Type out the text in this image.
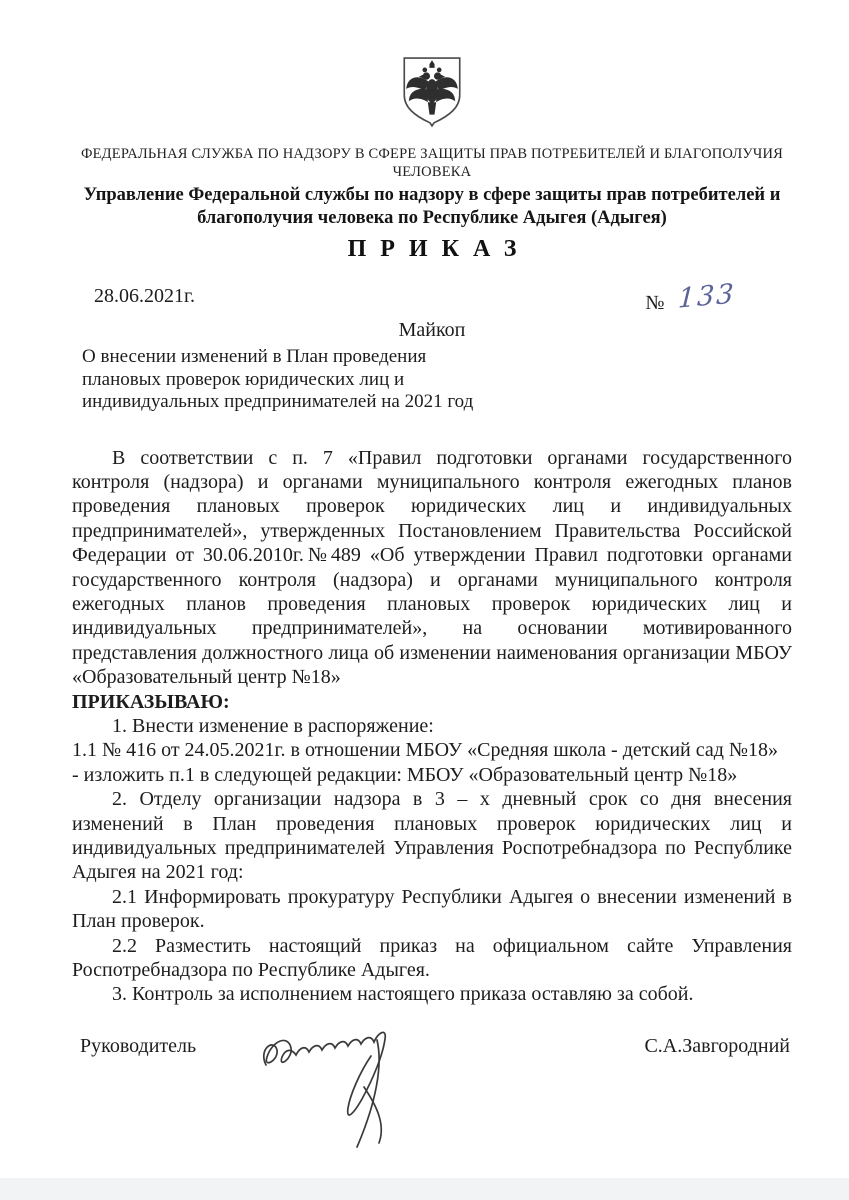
ФЕДЕРАЛЬНАЯ СЛУЖБА ПО НАДЗОРУ В СФЕРЕ ЗАЩИТЫ ПРАВ ПОТРЕБИТЕЛЕЙ И БЛАГОПОЛУЧИЯ
ЧЕЛОВЕКА
Управление Федеральной службы по надзору в сфере защиты прав потребителей и благополучия человека по Республике Адыгея (Адыгея)
ПРИКАЗ
28.06.2021г.	№ 133
Майкоп
О внесении изменений в План проведения
плановых проверок юридических лиц и
индивидуальных предпринимателей на 2021 год

В соответствии с п. 7 «Правил подготовки органами государственного контроля (надзора) и органами муниципального контроля ежегодных планов проведения плановых проверок юридических лиц и индивидуальных предпринимателей», утвержденных Постановлением Правительства Российской Федерации от 30.06.2010г.№489 «Об утверждении Правил подготовки органами государственного контроля (надзора) и органами муниципального контроля ежегодных планов проведения плановых проверок юридических лиц и индивидуальных предпринимателей», на основании мотивированного представления должностного лица об изменении наименования организации МБОУ «Образовательный центр №18»

ПРИКАЗЫВАЮ:

1. Внести изменение в распоряжение:

1.1 № 416 от 24.05.2021г. в отношении МБОУ «Средняя школа - детский сад №18»

- изложить п.1 в следующей редакции: МБОУ «Образовательный центр №18»

2. Отделу организации надзора в 3 – х дневный срок со дня внесения изменений в План проведения плановых проверок юридических лиц и индивидуальных предпринимателей Управления Роспотребнадзора по Республике Адыгея на 2021 год:

2.1 Информировать прокуратуру Республики Адыгея о внесении изменений в План проверок.

2.2 Разместить настоящий приказ на официальном сайте Управления Роспотребнадзора по Республике Адыгея.

3. Контроль за исполнением настоящего приказа оставляю за собой.

Руководитель	С.А.Завгородний
